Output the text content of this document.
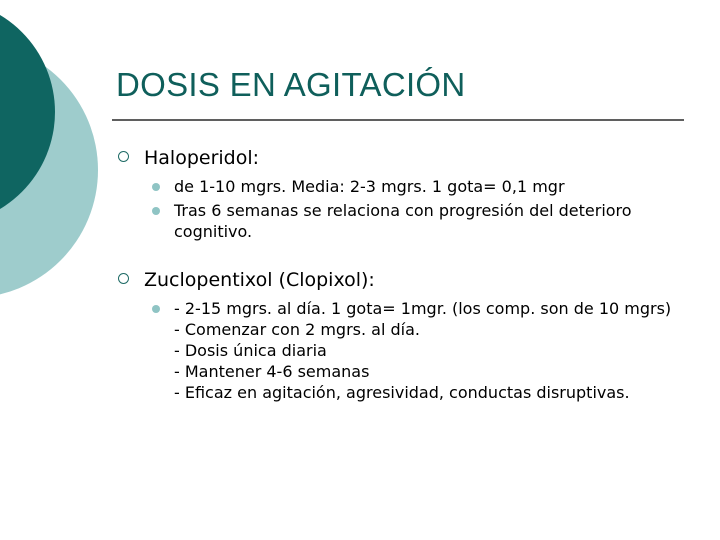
DOSIS EN AGITACIÓN
Haloperidol:
de 1-10 mgrs. Media: 2-3 mgrs. 1 gota= 0,1 mgr
Tras 6 semanas se relaciona con progresión del deterioro cognitivo.
Zuclopentixol (Clopixol):
- 2-15 mgrs. al día. 1 gota= 1mgr. (los comp. son de 10 mgrs)
- Comenzar con 2 mgrs. al día.
- Dosis única diaria
- Mantener 4-6 semanas
- Eficaz en agitación, agresividad, conductas disruptivas.
